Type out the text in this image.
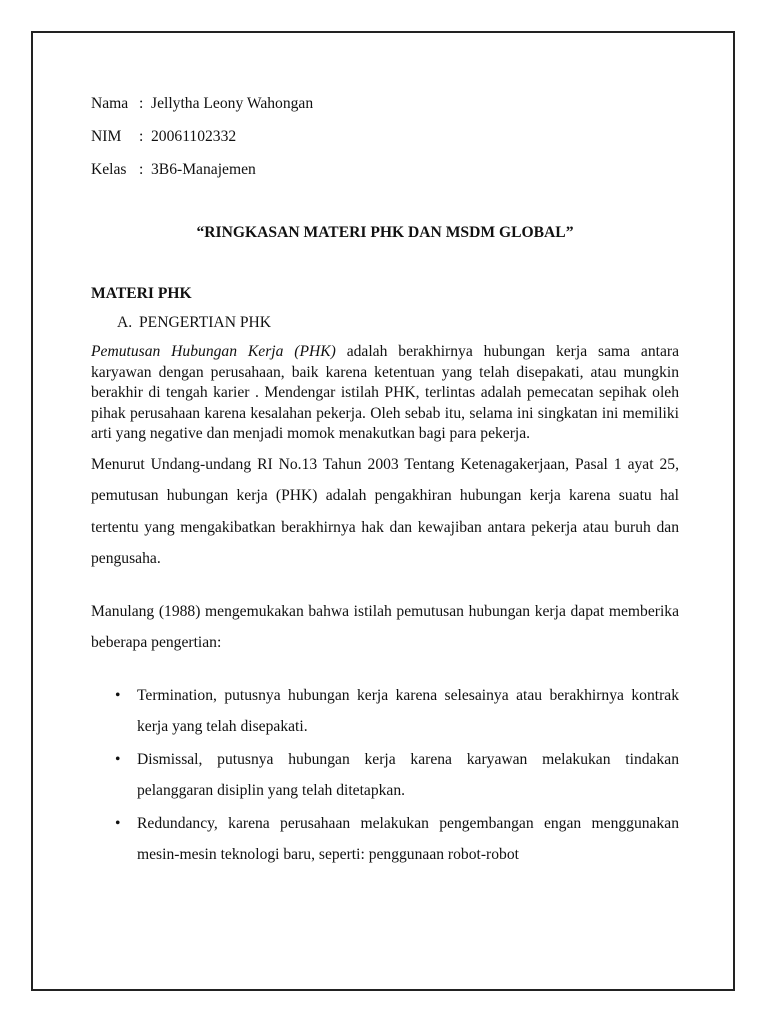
Nama : Jellytha Leony Wahongan
NIM	: 20061102332
Kelas : 3B6-Manajemen
“RINGKASAN MATERI PHK DAN MSDM GLOBAL”
MATERI PHK
A. PENGERTIAN PHK
Pemutusan Hubungan Kerja (PHK) adalah berakhirnya hubungan kerja sama antara karyawan dengan perusahaan, baik karena ketentuan yang telah disepakati, atau mungkin berakhir di tengah karier . Mendengar istilah PHK, terlintas adalah pemecatan sepihak oleh pihak perusahaan karena kesalahan pekerja. Oleh sebab itu, selama ini singkatan ini memiliki arti yang negative dan menjadi momok menakutkan bagi para pekerja.
Menurut Undang-undang RI No.13 Tahun 2003 Tentang Ketenagakerjaan, Pasal 1 ayat 25, pemutusan hubungan kerja (PHK) adalah pengakhiran hubungan kerja karena suatu hal tertentu yang mengakibatkan berakhirnya hak dan kewajiban antara pekerja atau buruh dan pengusaha.
Manulang (1988) mengemukakan bahwa istilah pemutusan hubungan kerja dapat memberika beberapa pengertian:
• Termination, putusnya hubungan kerja karena selesainya atau berakhirnya kontrak kerja yang telah disepakati.
• Dismissal, putusnya hubungan kerja karena karyawan melakukan tindakan pelanggaran disiplin yang telah ditetapkan.
• Redundancy, karena perusahaan melakukan pengembangan engan menggunakan mesin-mesin teknologi baru, seperti: penggunaan robot-robot
